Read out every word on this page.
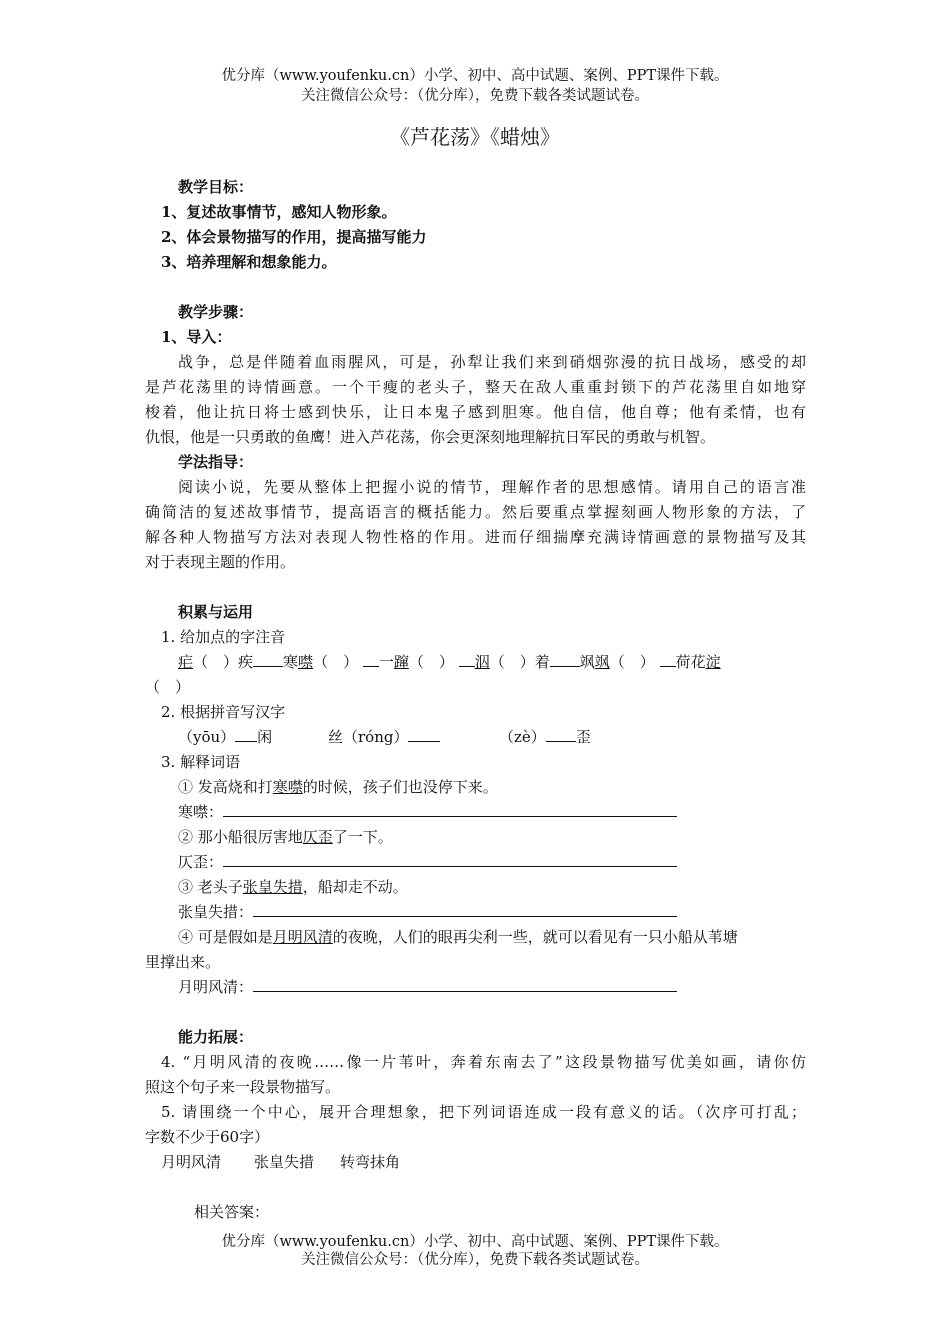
优分库（www.youfenku.cn）小学、初中、高中试题、案例、PPT课件下载。
关注微信公众号：（优分库），免费下载各类试题试卷。
《芦花荡》《蜡烛》
教学目标：
1、复述故事情节，感知人物形象。
2、体会景物描写的作用，提高描写能力
3、培养理解和想象能力。
教学步骤：
1、导入：
战争，总是伴随着血雨腥风，可是，孙犁让我们来到硝烟弥漫的抗日战场，感受的却
是芦花荡里的诗情画意。一个干瘦的老头子，整天在敌人重重封锁下的芦花荡里自如地穿
梭着，他让抗日将士感到快乐，让日本鬼子感到胆寒。他自信，他自尊；他有柔情，也有
仇恨，他是一只勇敢的鱼鹰！进入芦花荡，你会更深刻地理解抗日军民的勇敢与机智。
学法指导：
阅读小说，先要从整体上把握小说的情节，理解作者的思想感情。请用自己的语言准
确简洁的复述故事情节，提高语言的概括能力。然后要重点掌握刻画人物形象的方法，了
解各种人物描写方法对表现人物性格的作用。进而仔细揣摩充满诗情画意的景物描写及其
对于表现主题的作用。
积累与运用
1. 给加点的字注音
疟（　）疾 寒噤（　） 一蹿（　） 泅（　）着 飒飒（　） 荷花淀
（　）
2. 根据拼音写汉字
（yōu） 闲	丝（róng）	（zè） 歪
3. 解释词语
① 发高烧和打寒噤的时候，孩子们也没停下来。
寒噤：
② 那小船很厉害地仄歪了一下。
仄歪：
③ 老头子张皇失措，船却走不动。
张皇失措：
④ 可是假如是月明风清的夜晚，人们的眼再尖利一些，就可以看见有一只小船从苇塘
里撑出来。
月明风清：
能力拓展：
4. “月明风清的夜晚……像一片苇叶，奔着东南去了”这段景物描写优美如画，请你仿
照这个句子来一段景物描写。
5. 请围绕一个中心，展开合理想象，把下列词语连成一段有意义的话。（次序可打乱；
字数不少于60字）
月明风清 张皇失措 转弯抹角
相关答案：
优分库（www.youfenku.cn）小学、初中、高中试题、案例、PPT课件下载。
关注微信公众号：（优分库），免费下载各类试题试卷。
